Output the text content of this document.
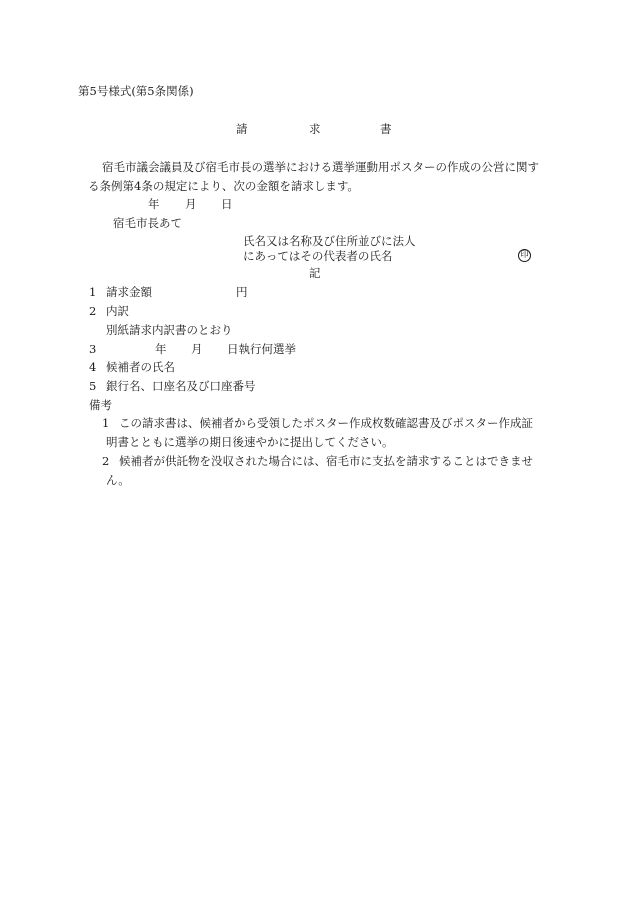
第5号様式(第5条関係)
請	求	書
宿毛市議会議員及び宿毛市長の選挙における選挙運動用ポスターの作成の公営に関す
る条例第4条の規定により、次の金額を請求します。
年 月 日
宿毛市長あて
氏名又は名称及び住所並びに法人
にあってはその代表者の氏名	印
記
1 請求金額	円
2 内訳
別紙請求内訳書のとおり
3	年 月 日執行何選挙
4 候補者の氏名
5 銀行名、口座名及び口座番号
備考
1 この請求書は、候補者から受領したポスター作成枚数確認書及びポスター作成証
明書とともに選挙の期日後速やかに提出してください。
2 候補者が供託物を没収された場合には、宿毛市に支払を請求することはできませ
ん。
